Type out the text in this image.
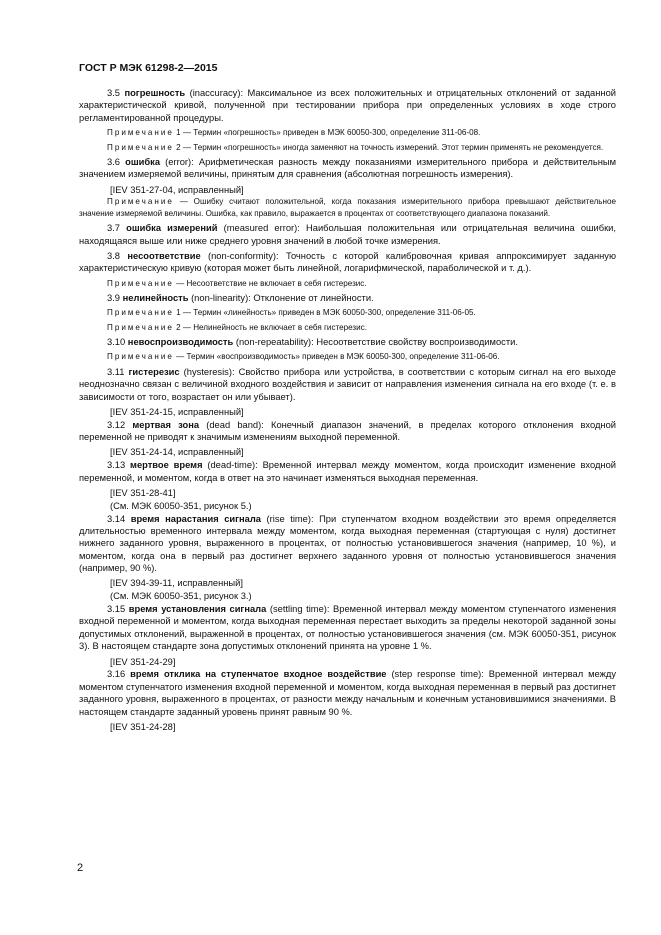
ГОСТ Р МЭК 61298-2—2015

3.5 погрешность (inaccuracy): Максимальное из всех положительных и отрицательных отклонений от заданной характеристической кривой, полученной при тестировании прибора при определенных условиях в ходе строго регламентированной процедуры.

Примечание 1 — Термин «погрешность» приведен в МЭК 60050-300, определение 311-06-08.

Примечание 2 — Термин «погрешность» иногда заменяют на точность измерений. Этот термин применять не рекомендуется.

3.6 ошибка (error): Арифметическая разность между показаниями измерительного прибора и действительным значением измеряемой величины, принятым для сравнения (абсолютная погрешность измерения).

[IEV 351-27-04, исправленный]

Примечание — Ошибку считают положительной, когда показания измерительного прибора превышают действительное значение измеряемой величины. Ошибка, как правило, выражается в процентах от соответствующего диапазона показаний.

3.7 ошибка измерений (measured error): Наибольшая положительная или отрицательная величина ошибки, находящаяся выше или ниже среднего уровня значений в любой точке измерения.

3.8 несоответствие (non-conformity): Точность с которой калибровочная кривая аппроксимирует заданную характеристическую кривую (которая может быть линейной, логарифмической, параболической и т. д.).

Примечание — Несоответствие не включает в себя гистерезис.

3.9 нелинейность (non-linearity): Отклонение от линейности.

Примечание 1 — Термин «линейность» приведен в МЭК 60050-300, определение 311-06-05.

Примечание 2 — Нелинейность не включает в себя гистерезис.

3.10 невоспроизводимость (non-repeatability): Несоответствие свойству воспроизводимости.

Примечание — Термин «воспроизводимость» приведен в МЭК 60050-300, определение 311-06-06.

3.11 гистерезис (hysteresis): Свойство прибора или устройства, в соответствии с которым сигнал на его выходе неоднозначно связан с величиной входного воздействия и зависит от направления изменения сигнала на его входе (т. е. в зависимости от того, возрастает он или убывает).

[IEV 351-24-15, исправленный]

3.12 мертвая зона (dead band): Конечный диапазон значений, в пределах которого отклонения входной переменной не приводят к значимым изменениям выходной переменной.

[IEV 351-24-14, исправленный]

3.13 мертвое время (dead-time): Временной интервал между моментом, когда происходит изменение входной переменной, и моментом, когда в ответ на это начинает изменяться выходная переменная.

[IEV 351-28-41]

(См. МЭК 60050-351, рисунок 5.)

3.14 время нарастания сигнала (rise time): При ступенчатом входном воздействии это время определяется длительностью временного интервала между моментом, когда выходная переменная (стартующая с нуля) достигнет нижнего заданного уровня, выраженного в процентах, от полностью установившегося значения (например, 10 %), и моментом, когда она в первый раз достигнет верхнего заданного уровня от полностью установившегося значения (например, 90 %).

[IEV 394-39-11, исправленный]

(См. МЭК 60050-351, рисунок 3.)

3.15 время установления сигнала (settling time): Временной интервал между моментом ступенчатого изменения входной переменной и моментом, когда выходная переменная перестает выходить за пределы некоторой заданной зоны допустимых отклонений, выраженной в процентах, от полностью установившегося значения (см. МЭК 60050-351, рисунок 3). В настоящем стандарте зона допустимых отклонений принята на уровне 1 %.

[IEV 351-24-29]

3.16 время отклика на ступенчатое входное воздействие (step response time): Временной интервал между моментом ступенчатого изменения входной переменной и моментом, когда выходная переменная в первый раз достигнет заданного уровня, выраженного в процентах, от разности между начальным и конечным установившимися значениями. В настоящем стандарте заданный уровень принят равным 90 %.

[IEV 351-24-28]

2
